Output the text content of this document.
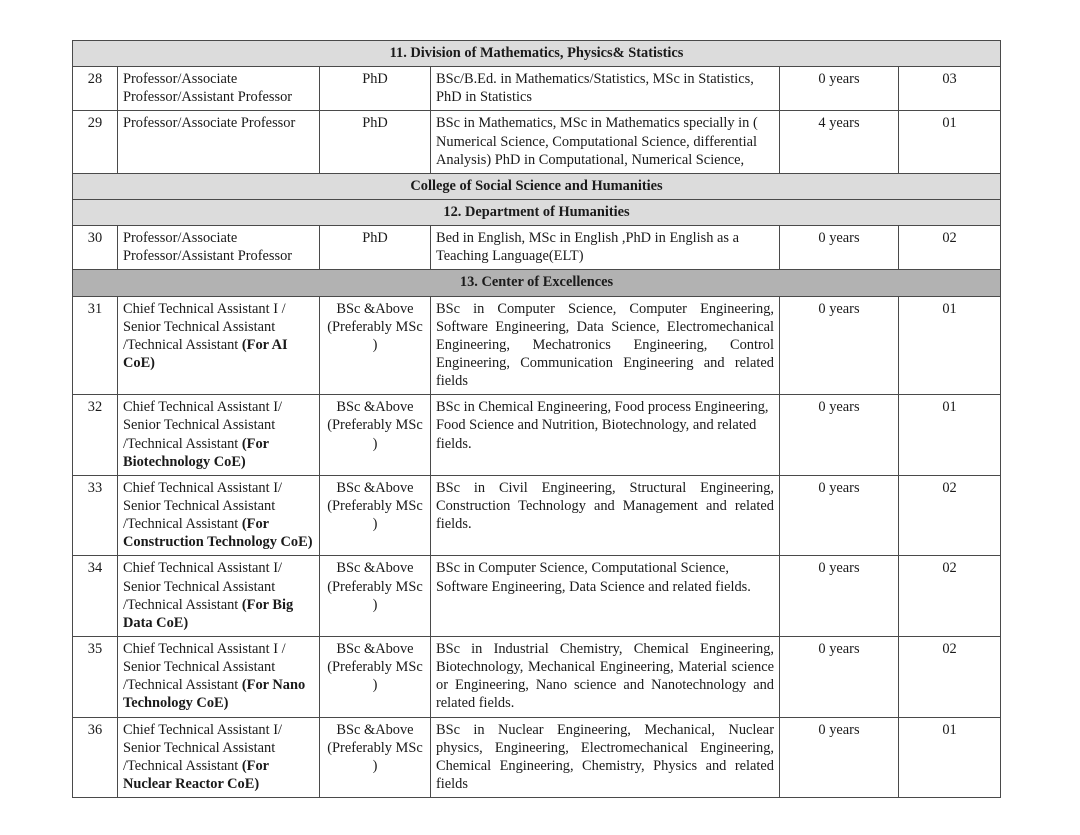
11. Division of Mathematics, Physics& Statistics					
28	Professor/Associate Professor/Assistant Professor	PhD	BSc/B.Ed. in Mathematics/Statistics, MSc in Statistics, PhD in Statistics	0 years	03
29	Professor/Associate Professor	PhD	BSc in Mathematics, MSc in Mathematics specially in ( Numerical Science, Computational Science, differential Analysis) PhD in Computational, Numerical Science,	4 years	01
College of Social Science and Humanities					
12. Department of Humanities					
30	Professor/Associate Professor/Assistant Professor	PhD	Bed in English, MSc in English ,PhD in English as a Teaching Language(ELT)	0 years	02
13. Center of Excellences					
31	Chief Technical Assistant I / Senior Technical Assistant /Technical Assistant (For AI CoE)	BSc &Above (Preferably MSc )	BSc in Computer Science, Computer Engineering, Software Engineering, Data Science, Electromechanical Engineering, Mechatronics Engineering, Control Engineering, Communication Engineering and related fields	0 years	01
32	Chief Technical Assistant I/ Senior Technical Assistant /Technical Assistant (For Biotechnology CoE)	BSc &Above (Preferably MSc )	BSc in Chemical Engineering, Food process Engineering, Food Science and Nutrition, Biotechnology, and related fields.	0 years	01
33	Chief Technical Assistant I/ Senior Technical Assistant /Technical Assistant (For Construction Technology CoE)	BSc &Above (Preferably MSc )	BSc in Civil Engineering, Structural Engineering, Construction Technology and Management and related fields.	0 years	02
34	Chief Technical Assistant I/ Senior Technical Assistant /Technical Assistant (For Big Data CoE)	BSc &Above (Preferably MSc )	BSc in Computer Science, Computational Science, Software Engineering, Data Science and related fields.	0 years	02
35	Chief Technical Assistant I / Senior Technical Assistant /Technical Assistant (For Nano Technology CoE)	BSc &Above (Preferably MSc )	BSc in Industrial Chemistry, Chemical Engineering, Biotechnology, Mechanical Engineering, Material science or Engineering, Nano science and Nanotechnology and related fields.	0 years	02
36	Chief Technical Assistant I/ Senior Technical Assistant /Technical Assistant (For Nuclear Reactor CoE)	BSc &Above (Preferably MSc )	BSc in Nuclear Engineering, Mechanical, Nuclear physics, Engineering, Electromechanical Engineering, Chemical Engineering, Chemistry, Physics and related fields	0 years	01
